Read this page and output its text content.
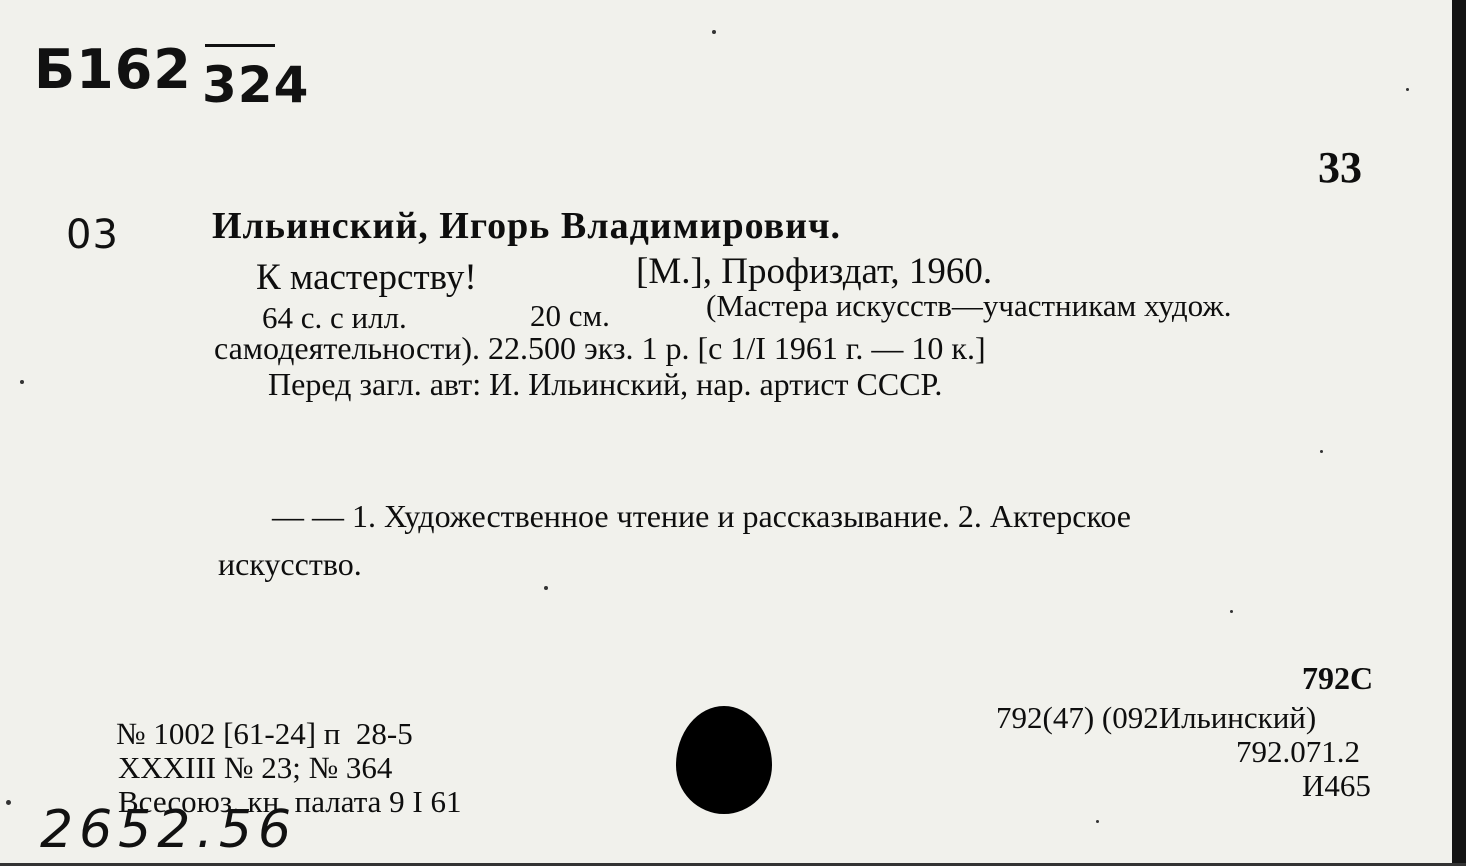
Б162 324
33
03 Ильинский, Игорь Владимирович.
К мастерству!	[М.], Профиздат, 1960.
64 с. с илл.	20 см.	(Мастера искусств—участникам худож.
самодеятельности). 22.500 экз. 1 р. [с 1/I 1961 г. — 10 к.]
Перед загл. авт: И. Ильинский, нар. артист СССР.
— — 1. Художественное чтение и рассказывание. 2. Актерское
искусство.
№ 1002 [61-24] п  28-5
XXXIII № 23; № 364
Всесоюз. кн. палата 9 I 61
2652.56
792С
792(47) (092Ильинский)
792.071.2
И465
